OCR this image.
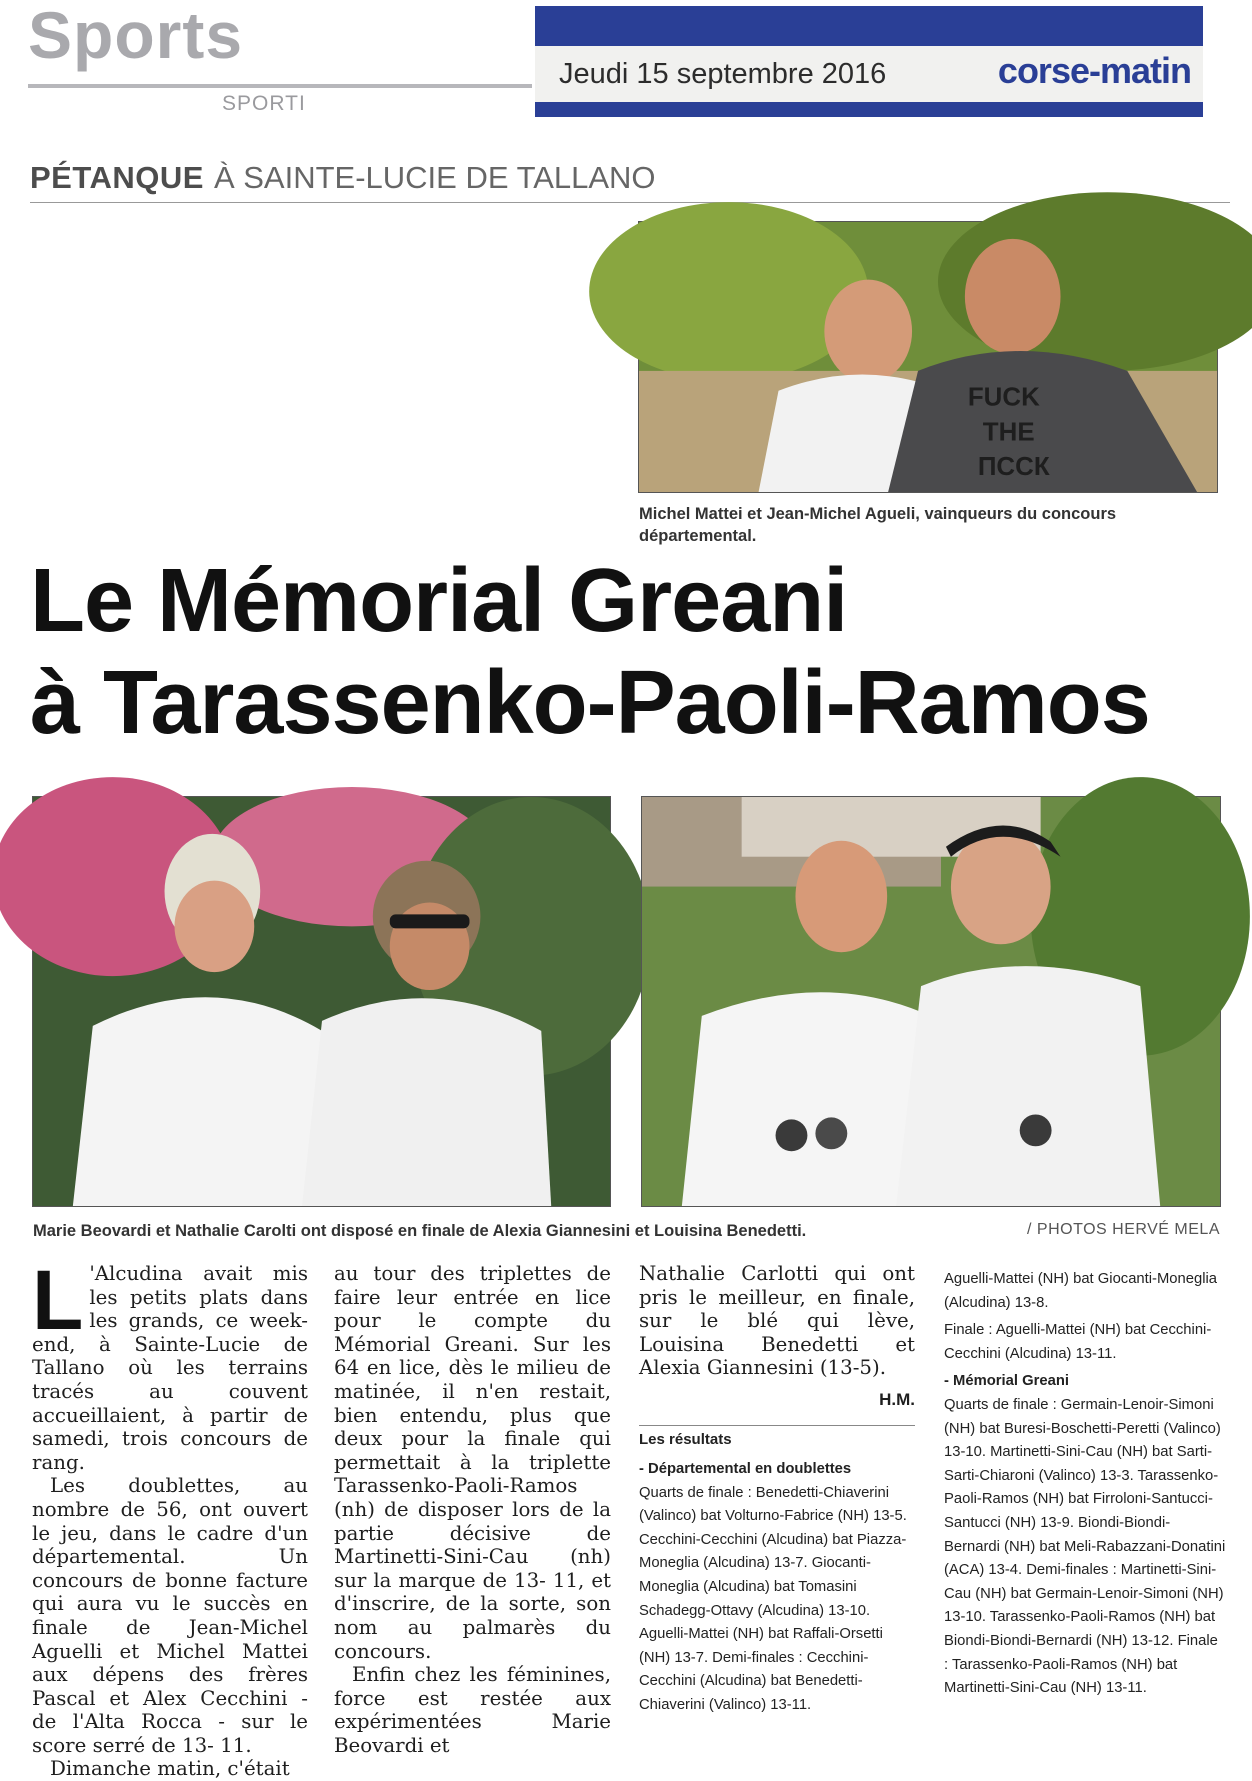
Sports
SPORTI
Jeudi 15 septembre 2016	corse-matin
PÉTANQUE À SAINTE-LUCIE DE TALLANO
FUCK
THE
ПССК
Michel Mattei et Jean-Michel Agueli, vainqueurs du concours départemental.
Le Mémorial Greani
à Tarassenko-Paoli-Ramos
Marie Beovardi et Nathalie Carolti ont disposé en finale de Alexia Giannesini et Louisina Benedetti.	/ PHOTOS HERVÉ MELA

L 'Alcudina avait mis les petits plats dans les grands, ce week-end, à Sainte-Lucie de Tallano où les terrains tracés au couvent accueillaient, à partir de samedi, trois concours de rang.

Les doublettes, au nombre de 56, ont ouvert le jeu, dans le cadre d'un départemental. Un concours de bonne facture qui aura vu le succès en finale de Jean-Michel Aguelli et Michel Mattei aux dépens des frères Pascal et Alex Cecchini - de l'Alta Rocca - sur le score serré de 13- 11.

Dimanche matin, c'était

au tour des triplettes de faire leur entrée en lice pour le compte du Mémorial Greani. Sur les 64 en lice, dès le milieu de matinée, il n'en restait, bien entendu, plus que deux pour la finale qui permettait à la triplette Tarassenko-Paoli-Ramos (nh) de disposer lors de la partie décisive de Martinetti-Sini-Cau (nh) sur la marque de 13- 11, et d'inscrire, de la sorte, son nom au palmarès du concours.

Enfin chez les féminines, force est restée aux expérimentées Marie Beovardi et

Nathalie Carlotti qui ont pris le meilleur, en finale, sur le blé qui lève, Louisina Benedetti et Alexia Giannesini (13-5).

H.M.
Les résultats
- Départemental en doublettes
Quarts de finale : Benedetti-Chiaverini (Valinco) bat Volturno-Fabrice (NH) 13-5. Cecchini-Cecchini (Alcudina) bat Piazza-Moneglia (Alcudina) 13-7. Giocanti-Moneglia (Alcudina) bat Tomasini Schadegg-Ottavy (Alcudina) 13-10. Aguelli-Mattei (NH) bat Raffali-Orsetti (NH) 13-7. Demi-finales : Cecchini-Cecchini (Alcudina) bat Benedetti-Chiaverini (Valinco) 13-11.
Aguelli-Mattei (NH) bat Giocanti-Moneglia (Alcudina) 13-8.
Finale : Aguelli-Mattei (NH) bat Cecchini-Cecchini (Alcudina) 13-11.
- Mémorial Greani
Quarts de finale : Germain-Lenoir-Simoni (NH) bat Buresi-Boschetti-Peretti (Valinco) 13-10. Martinetti-Sini-Cau (NH) bat Sarti-Sarti-Chiaroni (Valinco) 13-3. Tarassenko-Paoli-Ramos (NH) bat Firroloni-Santucci-Santucci (NH) 13-9. Biondi-Biondi-Bernardi (NH) bat Meli-Rabazzani-Donatini (ACA) 13-4. Demi-finales : Martinetti-Sini-Cau (NH) bat Germain-Lenoir-Simoni (NH) 13-10. Tarassenko-Paoli-Ramos (NH) bat Biondi-Biondi-Bernardi (NH) 13-12. Finale : Tarassenko-Paoli-Ramos (NH) bat Martinetti-Sini-Cau (NH) 13-11.
